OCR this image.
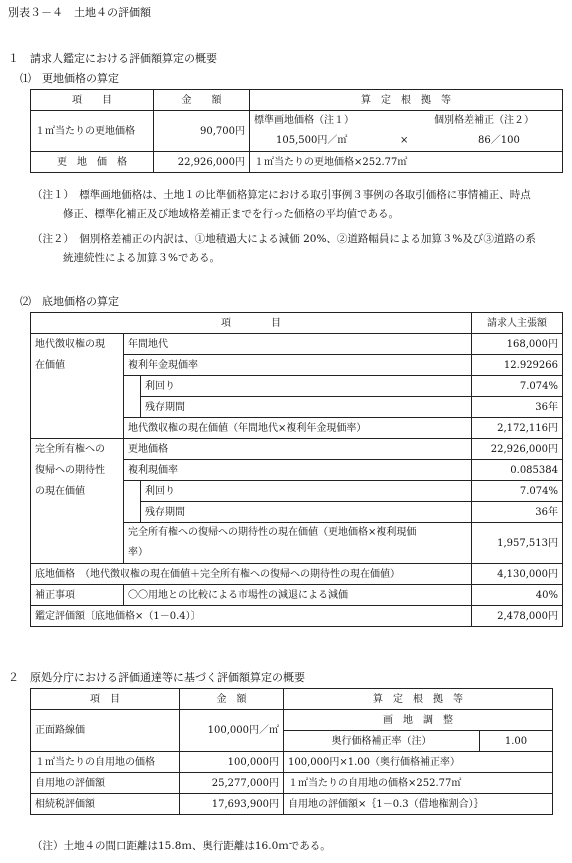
別表３－４　土地４の評価額
１　請求人鑑定における評価額算定の概要
⑴　更地価格の算定
項　　目	金　　額	算　定　根　拠　等
１㎡当たりの更地価格	90,700円	標準画地価格（注１） 個別格差補正（注２）
105,500円／㎡ × 86／100

更　地　価　格	22,926,000円	１㎡当たりの更地価格×252.77㎡
（注１）　標準画地価格は、土地１の比準価格算定における取引事例３事例の各取引価格に事情補正、時点
修正、標準化補正及び地域格差補正までを行った価格の平均値である。
（注２）　個別格差補正の内訳は、①地積過大による減価 20%、②道路幅員による加算３%及び③道路の系
統連続性による加算３%である。
⑵　底地価格の算定
項　　　　目			請求人主張額
地代徴収権の現	年間地代		168,000円
在価値	複利年金現価率		12.929266
		利回り	7.074%
		残存期間	36年
	地代徴収権の現在価値（年間地代×複利年金現価率）		2,172,116円
完全所有権への	更地価格		22,926,000円
復帰への期待性	複利現価率		0.085384
の現在価値		利回り	7.074%
		残存期間	36年

	完全所有権への復帰への期待性の現在価値（更地価格×複利現価
率）		1,957,513円
底地価格　（地代徴収権の現在価値＋完全所有権への復帰への期待性の現在価値）			4,130,000円
補正事項	〇〇用地との比較による市場性の減退による減価		40%
鑑定評価額〔底地価格×（1－0.4）〕			2,478,000円
２　原処分庁における評価通達等に基づく評価額算定の概要
項　目	金　額	算　定　根　拠　等	
正面路線価	100,000円／㎡	画　地　調　整	
		奥行価格補正率（注）	1.00
１㎡当たりの自用地の価格	100,000円	100,000円×1.00（奥行価格補正率）	
自用地の評価額	25,277,000円	１㎡当たりの自用地の価格×252.77㎡	
相続税評価額	17,693,900円	自用地の評価額×｛1－0.3（借地権割合）｝	
（注）土地４の間口距離は15.8ｍ、奥行距離は16.0ｍである。
